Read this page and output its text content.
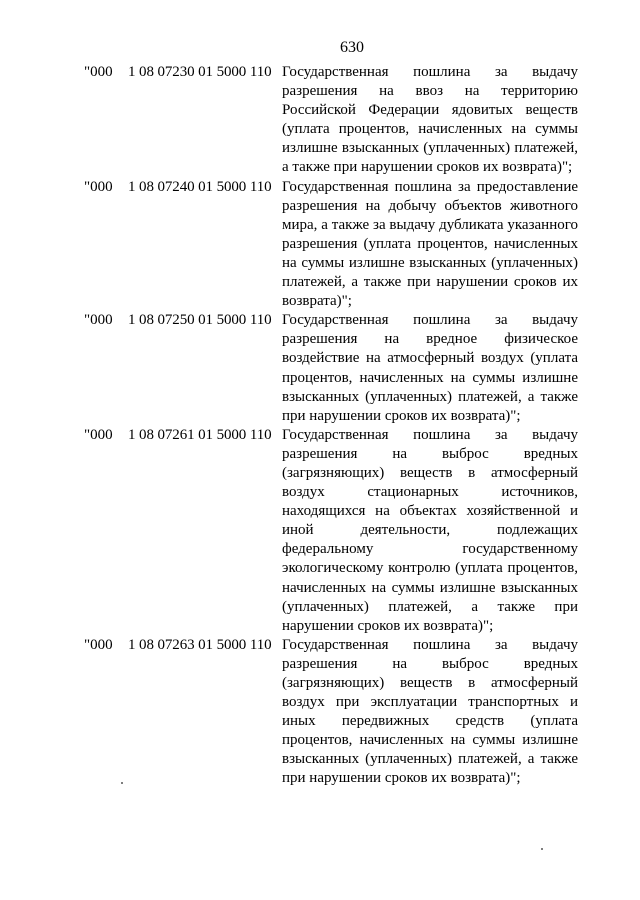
630
"000	1 08 07230 01 5000 110 Государственная пошлина за выдачу разрешения на ввоз на территорию Российской Федерации ядовитых веществ (уплата процентов, начисленных на суммы излишне взысканных (уплаченных) платежей, а также при нарушении сроков их возврата)";
"000	1 08 07240 01 5000 110 Государственная пошлина за предоставление разрешения на добычу объектов животного мира, а также за выдачу дубликата указанного разрешения (уплата процентов, начисленных на суммы излишне взысканных (уплаченных) платежей, а также при нарушении сроков их возврата)";
"000	1 08 07250 01 5000 110 Государственная пошлина за выдачу разрешения на вредное физическое воздействие на атмосферный воздух (уплата процентов, начисленных на суммы излишне взысканных (уплаченных) платежей, а также при нарушении сроков их возврата)";
"000	1 08 07261 01 5000 110 Государственная пошлина за выдачу разрешения на выброс вредных (загрязняющих) веществ в атмосферный воздух стационарных источников, находящихся на объектах хозяйственной и иной деятельности, подлежащих федеральному государственному экологическому контролю (уплата процентов, начисленных на суммы излишне взысканных (уплаченных) платежей, а также при нарушении сроков их возврата)";
"000	1 08 07263 01 5000 110 Государственная пошлина за выдачу разрешения на выброс вредных (загрязняющих) веществ в атмосферный воздух при эксплуатации транспортных и иных передвижных средств (уплата процентов, начисленных на суммы излишне взысканных (уплаченных) платежей, а также при нарушении сроков их возврата)";
